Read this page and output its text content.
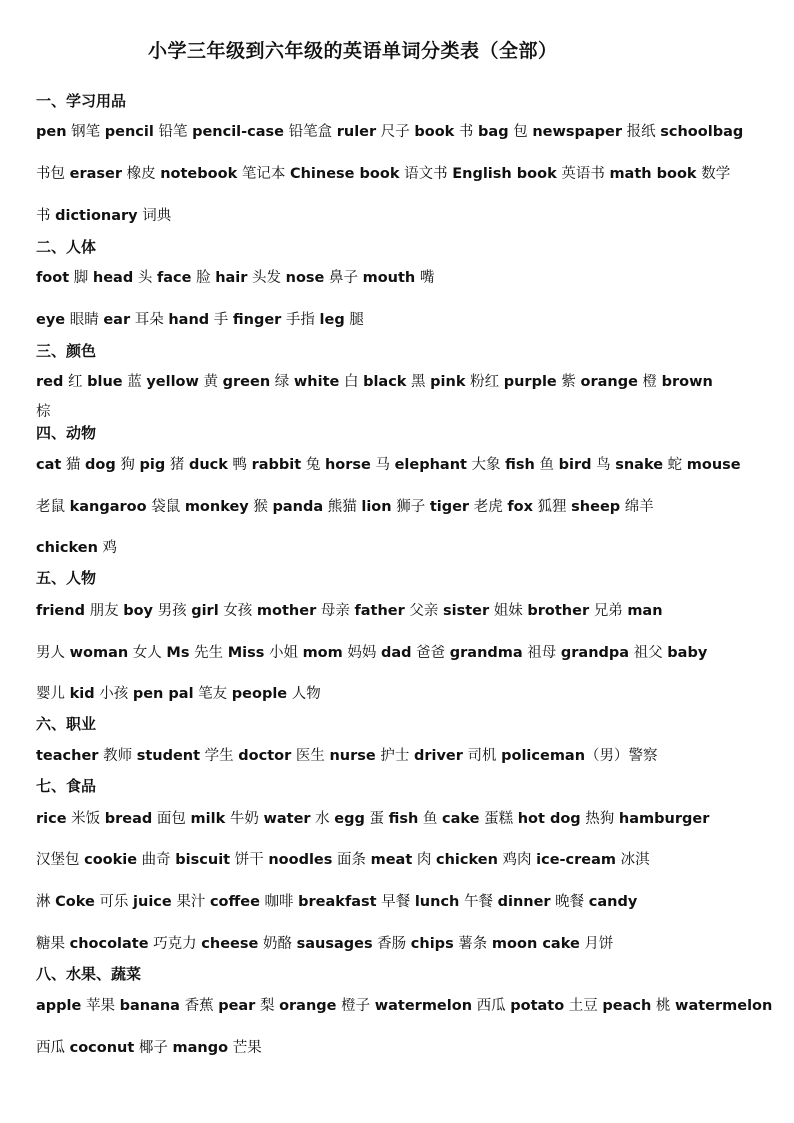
小学三年级到六年级的英语单词分类表（全部）
一、学习用品
pen 钢笔 pencil 铅笔 pencil-case 铅笔盒 ruler 尺子 book 书 bag 包 newspaper 报纸 schoolbag
书包 eraser 橡皮 notebook 笔记本 Chinese book 语文书 English book 英语书 math book 数学
书 dictionary 词典
二、人体
foot 脚 head 头 face 脸 hair 头发 nose 鼻子 mouth 嘴
eye 眼睛 ear 耳朵 hand 手 finger 手指 leg 腿
三、颜色
red 红 blue 蓝 yellow 黄 green 绿 white 白 black 黑 pink 粉红 purple 紫 orange 橙 brown
棕
四、动物
cat 猫 dog 狗 pig 猪 duck 鸭 rabbit 兔 horse 马 elephant 大象 fish 鱼 bird 鸟 snake 蛇 mouse
老鼠 kangaroo 袋鼠 monkey 猴 panda 熊猫 lion 狮子 tiger 老虎 fox 狐狸 sheep 绵羊
chicken 鸡
五、人物
friend 朋友 boy 男孩 girl 女孩 mother 母亲 father 父亲 sister 姐妹 brother 兄弟 man
男人 woman 女人 Ms 先生 Miss 小姐 mom 妈妈 dad 爸爸 grandma 祖母 grandpa 祖父 baby
婴儿 kid 小孩 pen pal 笔友 people 人物
六、职业
teacher 教师 student 学生 doctor 医生 nurse 护士 driver 司机 policeman（男）警察
七、食品
rice 米饭 bread 面包 milk 牛奶 water 水 egg 蛋 fish 鱼 cake 蛋糕 hot dog 热狗 hamburger
汉堡包 cookie 曲奇 biscuit 饼干 noodles 面条 meat 肉 chicken 鸡肉 ice-cream 冰淇
淋 Coke 可乐 juice 果汁 coffee 咖啡 breakfast 早餐 lunch 午餐 dinner 晚餐 candy
糖果 chocolate 巧克力 cheese 奶酪 sausages 香肠 chips 薯条 moon cake 月饼
八、水果、蔬菜
apple 苹果 banana 香蕉 pear 梨 orange 橙子 watermelon 西瓜 potato 土豆 peach 桃 watermelon
西瓜 coconut 椰子 mango 芒果
